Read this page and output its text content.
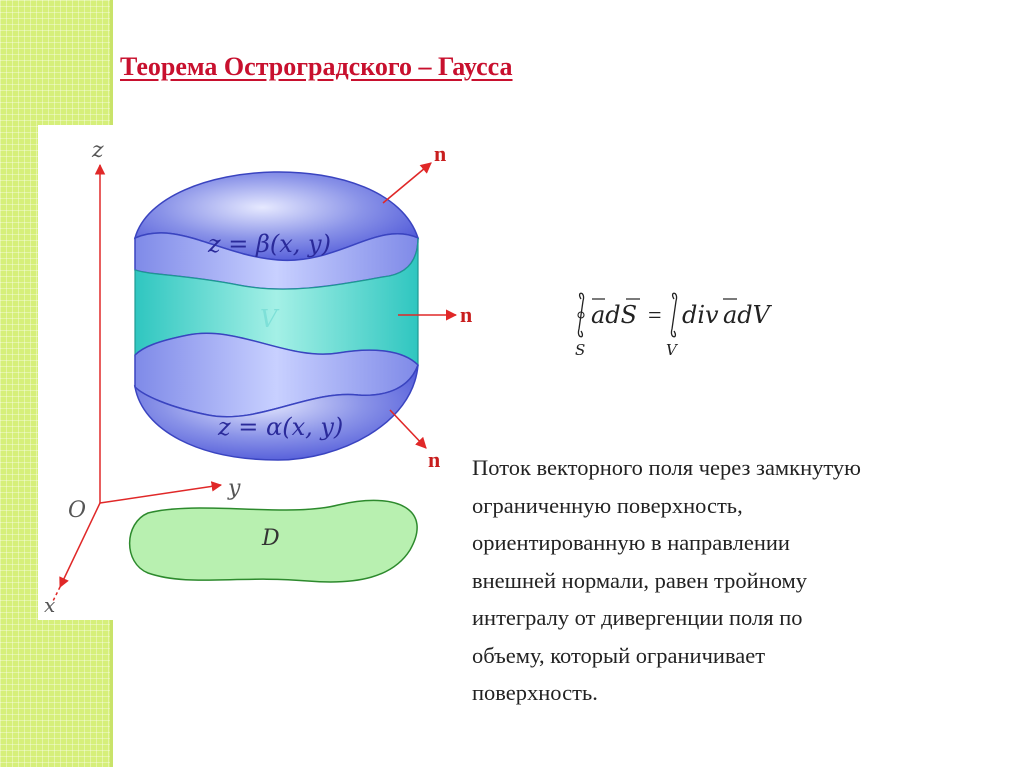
Теорема Остроградского – Гаусса
z
y
x
O
n
n
n
z = β(x, y)
V
z = α(x, y)
D
adS = div adV
S	V

Поток векторного поля через замкнутую
ограниченную поверхность,
ориентированную в направлении
внешней нормали, равен тройному
интегралу от дивергенции поля по
объему, который ограничивает
поверхность.
